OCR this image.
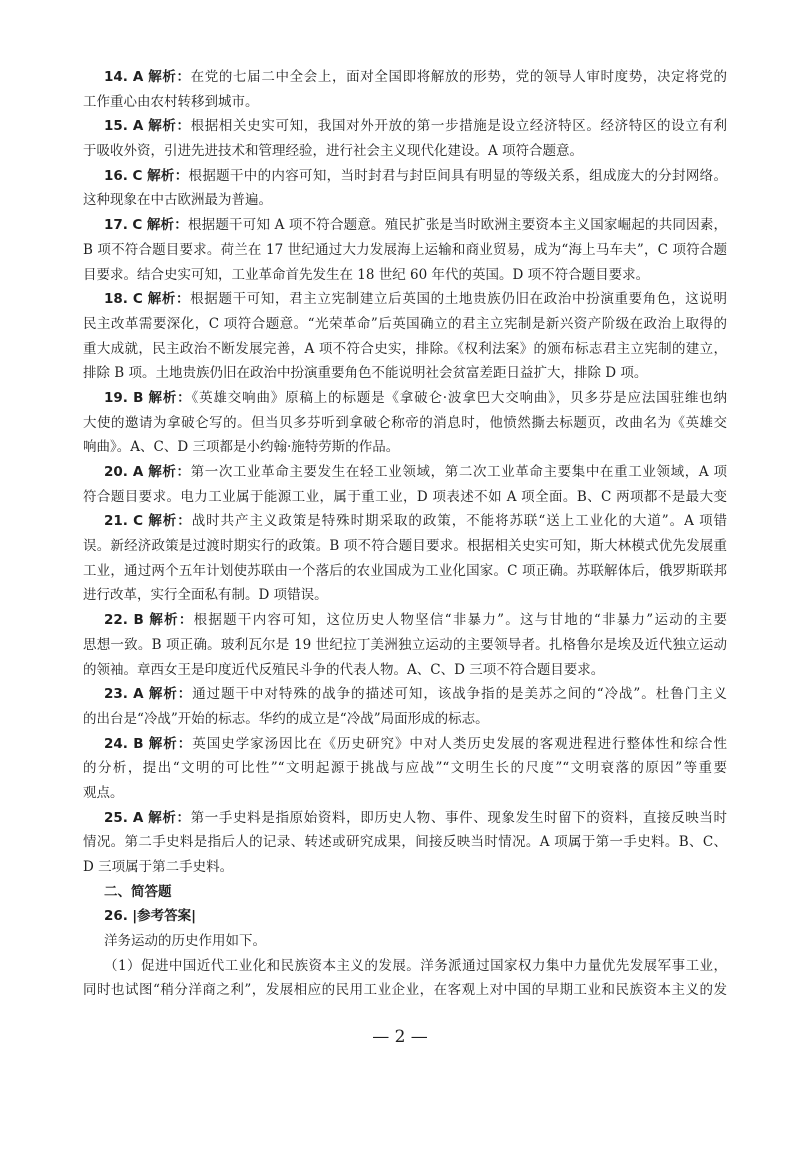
14. A 解析：在党的七届二中全会上，面对全国即将解放的形势，党的领导人审时度势，决定将党的
工作重心由农村转移到城市。
15. A 解析：根据相关史实可知，我国对外开放的第一步措施是设立经济特区。经济特区的设立有利
于吸收外资，引进先进技术和管理经验，进行社会主义现代化建设。A 项符合题意。
16. C 解析：根据题干中的内容可知，当时封君与封臣间具有明显的等级关系，组成庞大的分封网络。
这种现象在中古欧洲最为普遍。
17. C 解析：根据题干可知 A 项不符合题意。殖民扩张是当时欧洲主要资本主义国家崛起的共同因素，
B 项不符合题目要求。荷兰在 17 世纪通过大力发展海上运输和商业贸易，成为“海上马车夫”，C 项符合题
目要求。结合史实可知，工业革命首先发生在 18 世纪 60 年代的英国。D 项不符合题目要求。
18. C 解析：根据题干可知，君主立宪制建立后英国的土地贵族仍旧在政治中扮演重要角色，这说明
民主改革需要深化，C 项符合题意。“光荣革命”后英国确立的君主立宪制是新兴资产阶级在政治上取得的
重大成就，民主政治不断发展完善，A 项不符合史实，排除。《权利法案》的颁布标志君主立宪制的建立，
排除 B 项。土地贵族仍旧在政治中扮演重要角色不能说明社会贫富差距日益扩大，排除 D 项。
19. B 解析：《英雄交响曲》原稿上的标题是《拿破仑·波拿巴大交响曲》，贝多芬是应法国驻维也纳
大使的邀请为拿破仑写的。但当贝多芬听到拿破仑称帝的消息时，他愤然撕去标题页，改曲名为《英雄交
响曲》。A、C、D 三项都是小约翰·施特劳斯的作品。
20. A 解析：第一次工业革命主要发生在轻工业领域，第二次工业革命主要集中在重工业领域，A 项
符合题目要求。电力工业属于能源工业，属于重工业，D 项表述不如 A 项全面。B、C 两项都不是最大变
21. C 解析：战时共产主义政策是特殊时期采取的政策，不能将苏联“送上工业化的大道”。A 项错
误。新经济政策是过渡时期实行的政策。B 项不符合题目要求。根据相关史实可知，斯大林模式优先发展重
工业，通过两个五年计划使苏联由一个落后的农业国成为工业化国家。C 项正确。苏联解体后，俄罗斯联邦
进行改革，实行全面私有制。D 项错误。
22. B 解析：根据题干内容可知，这位历史人物坚信“非暴力”。这与甘地的“非暴力”运动的主要
思想一致。B 项正确。玻利瓦尔是 19 世纪拉丁美洲独立运动的主要领导者。扎格鲁尔是埃及近代独立运动
的领袖。章西女王是印度近代反殖民斗争的代表人物。A、C、D 三项不符合题目要求。
23. A 解析：通过题干中对特殊的战争的描述可知，该战争指的是美苏之间的“冷战”。杜鲁门主义
的出台是“冷战”开始的标志。华约的成立是“冷战”局面形成的标志。
24. B 解析：英国史学家汤因比在《历史研究》中对人类历史发展的客观进程进行整体性和综合性
的分析，提出“文明的可比性”“文明起源于挑战与应战”“文明生长的尺度”“文明衰落的原因”等重要
观点。
25. A 解析：第一手史料是指原始资料，即历史人物、事件、现象发生时留下的资料，直接反映当时
情况。第二手史料是指后人的记录、转述或研究成果，间接反映当时情况。A 项属于第一手史料。B、C、
D 三项属于第二手史料。
二、简答题
26. |参考答案|
洋务运动的历史作用如下。
（1）促进中国近代工业化和民族资本主义的发展。洋务派通过国家权力集中力量优先发展军事工业，
同时也试图“稍分洋商之利”，发展相应的民用工业企业，在客观上对中国的早期工业和民族资本主义的发
— 2 —
